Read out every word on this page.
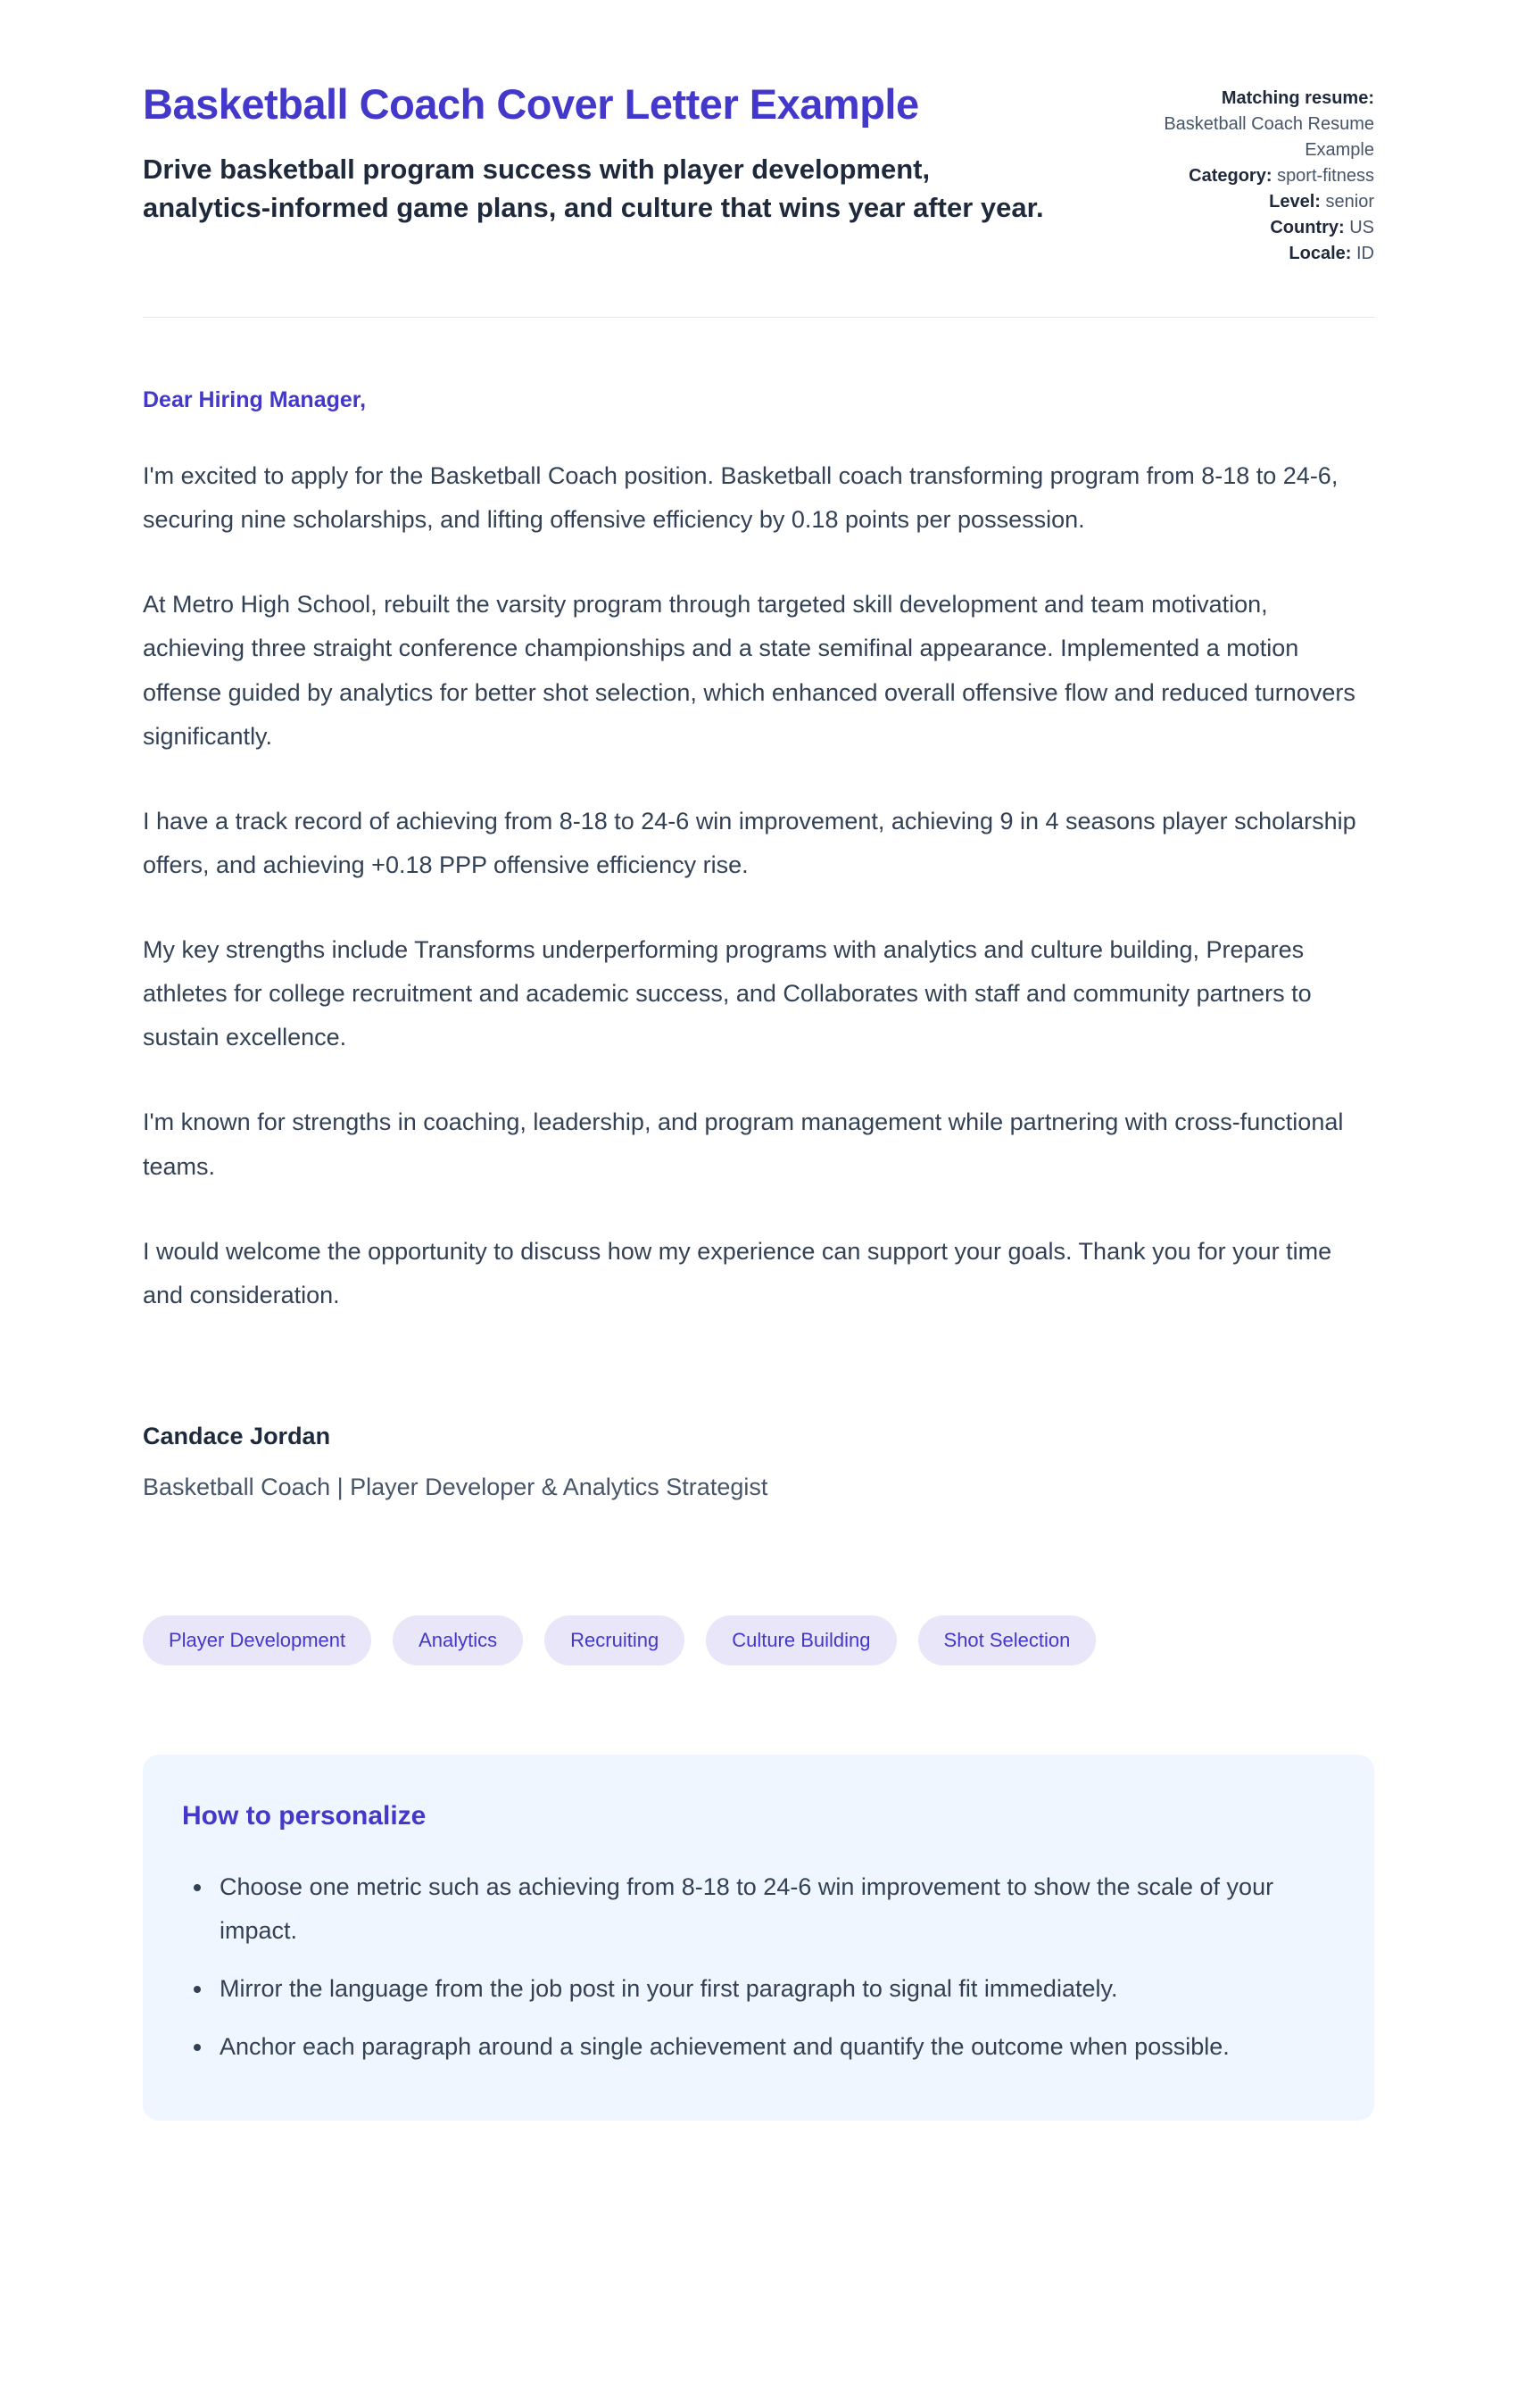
Basketball Coach Cover Letter Example

Drive basketball program success with player development, analytics-informed game plans, and culture that wins year after year.

Matching resume: Basketball Coach Resume Example
Category: sport-fitness
Level: senior
Country: US
Locale: ID

Dear Hiring Manager,

I'm excited to apply for the Basketball Coach position. Basketball coach transforming program from 8-18 to 24-6, securing nine scholarships, and lifting offensive efficiency by 0.18 points per possession.

At Metro High School, rebuilt the varsity program through targeted skill development and team motivation, achieving three straight conference championships and a state semifinal appearance. Implemented a motion offense guided by analytics for better shot selection, which enhanced overall offensive flow and reduced turnovers significantly.

I have a track record of achieving from 8-18 to 24-6 win improvement, achieving 9 in 4 seasons player scholarship offers, and achieving +0.18 PPP offensive efficiency rise.

My key strengths include Transforms underperforming programs with analytics and culture building, Prepares athletes for college recruitment and academic success, and Collaborates with staff and community partners to sustain excellence.

I'm known for strengths in coaching, leadership, and program management while partnering with cross-functional teams.

I would welcome the opportunity to discuss how my experience can support your goals. Thank you for your time and consideration.

Candace Jordan

Basketball Coach | Player Developer & Analytics Strategist

Player Development	Analytics	Recruiting	Culture Building	Shot Selection
How to personalize
• Choose one metric such as achieving from 8-18 to 24-6 win improvement to show the scale of your impact.
• Mirror the language from the job post in your first paragraph to signal fit immediately.
• Anchor each paragraph around a single achievement and quantify the outcome when possible.
